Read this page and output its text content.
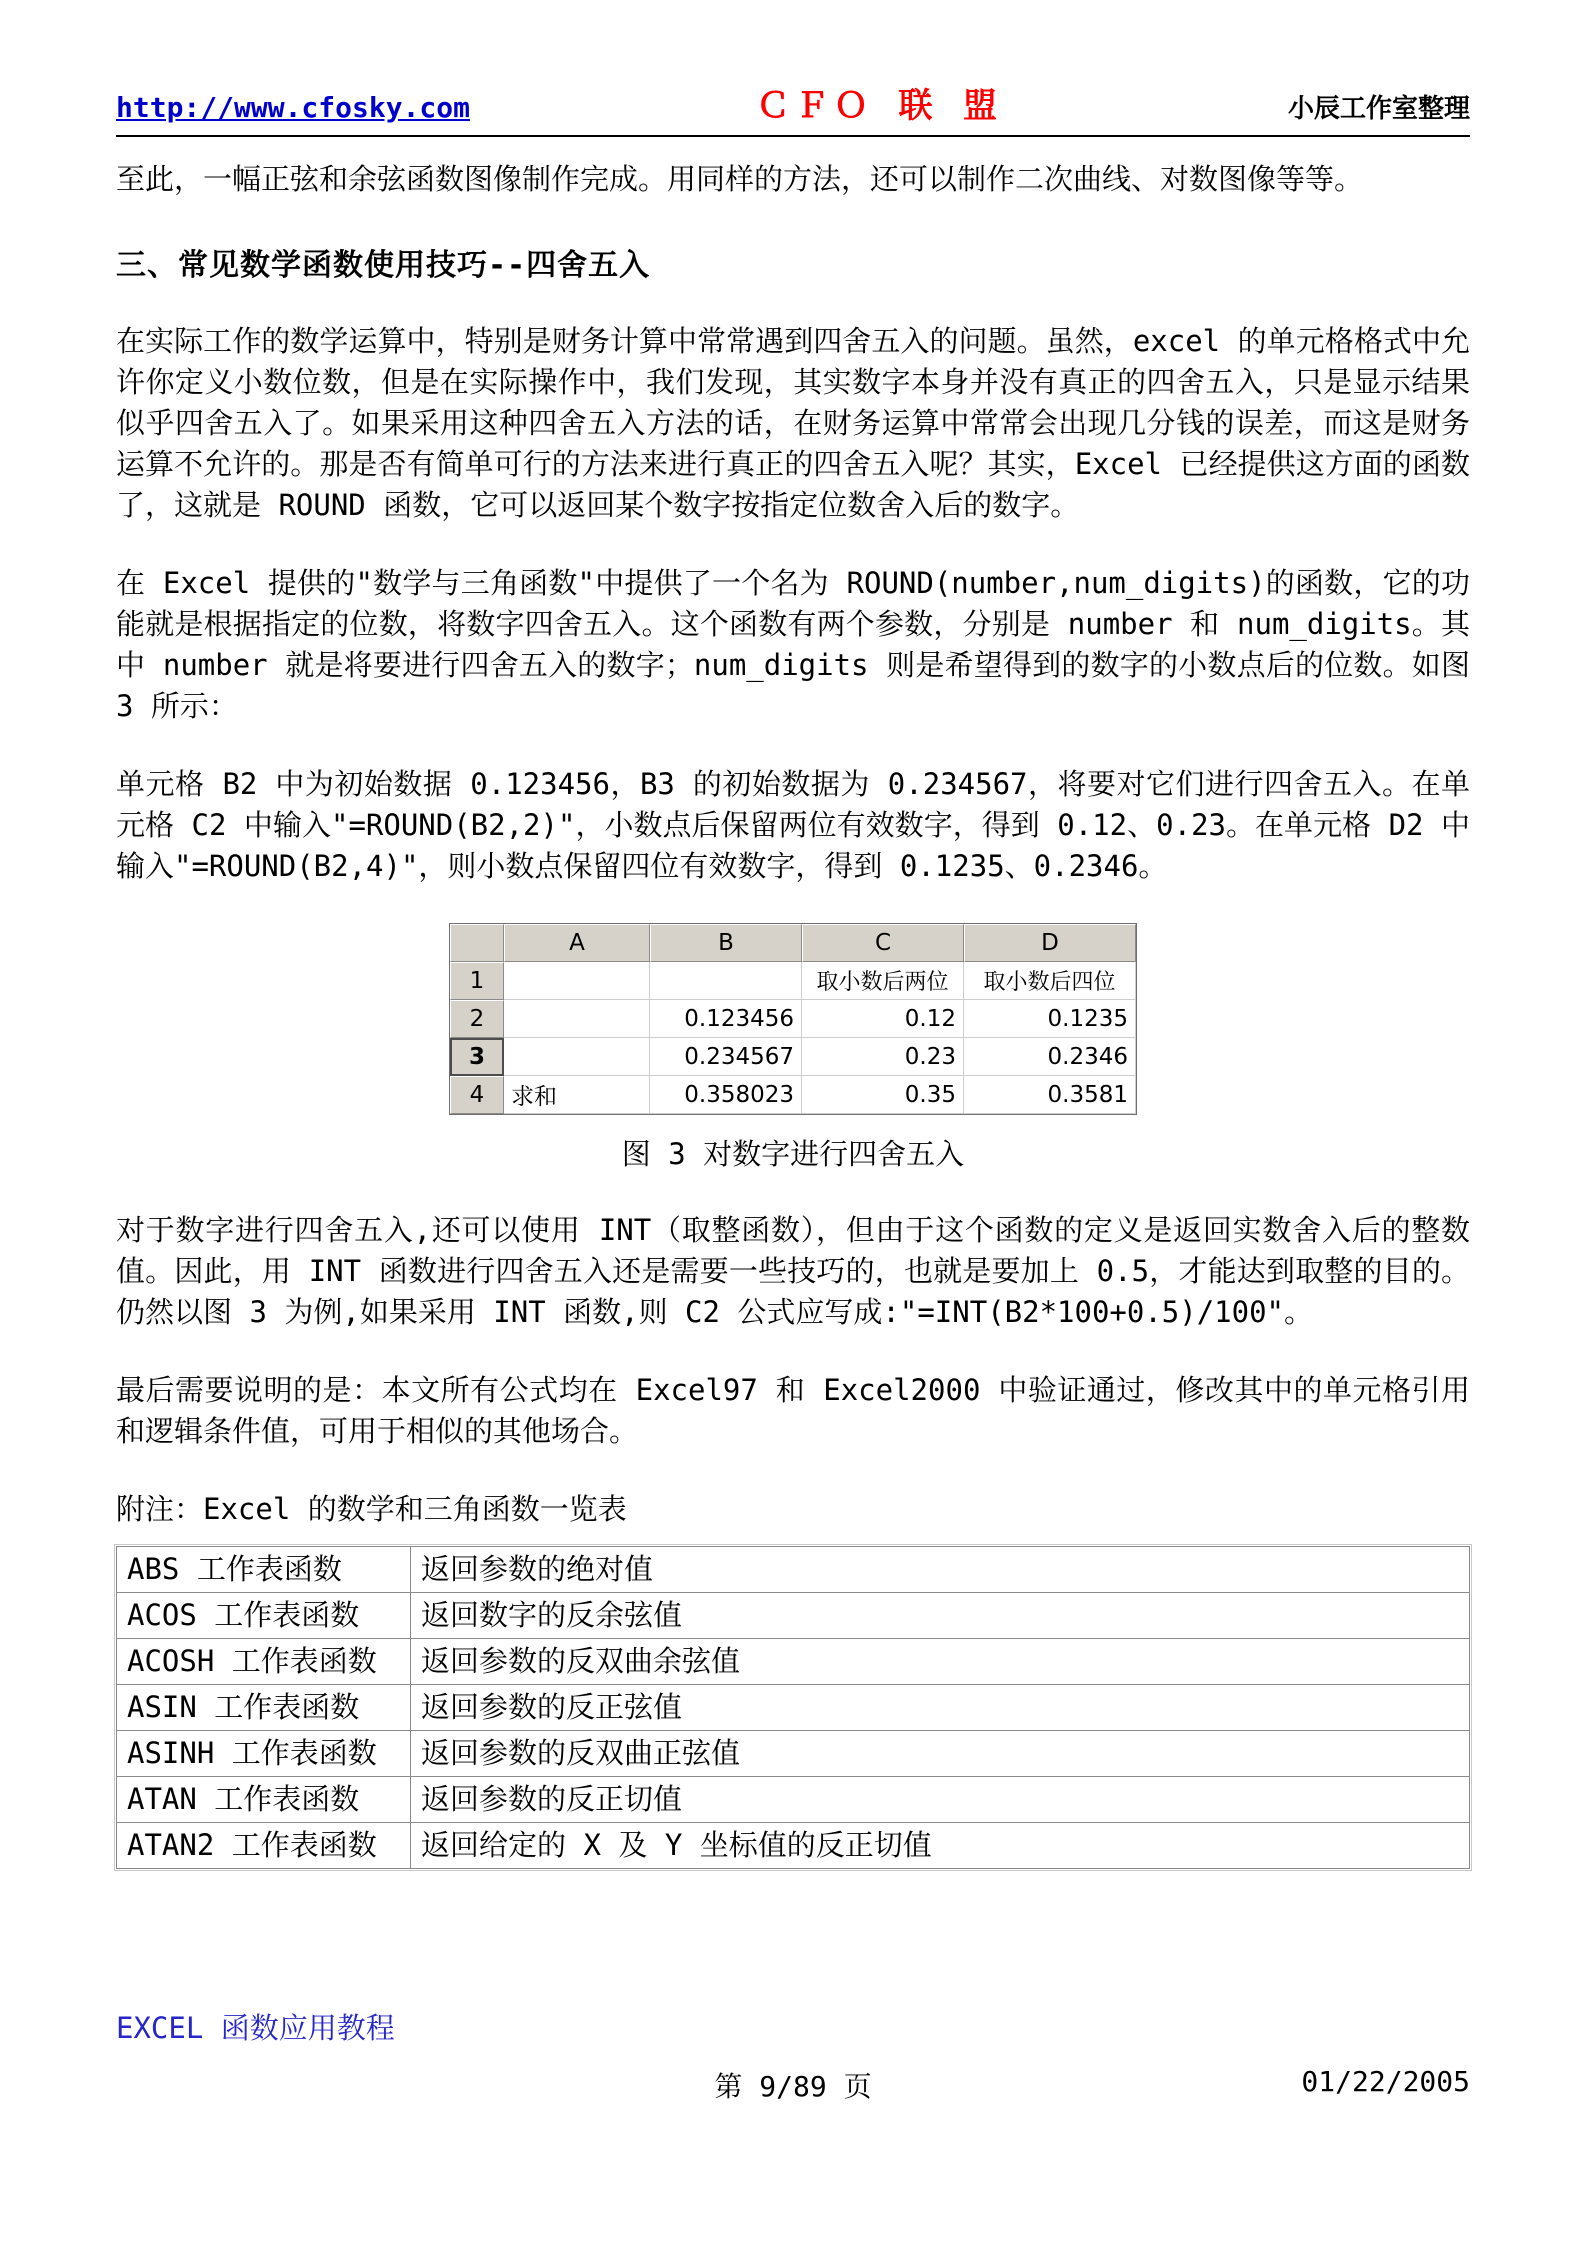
http://www.cfosky.com	ＣＦＯ 联 盟	小辰工作室整理

至此，一幅正弦和余弦函数图像制作完成。用同样的方法，还可以制作二次曲线、对数图像等等。

三、常见数学函数使用技巧--四舍五入

在实际工作的数学运算中，特别是财务计算中常常遇到四舍五入的问题。虽然，excel 的单元格格式中允许你定义小数位数，但是在实际操作中，我们发现，其实数字本身并没有真正的四舍五入，只是显示结果似乎四舍五入了。如果采用这种四舍五入方法的话，在财务运算中常常会出现几分钱的误差，而这是财务运算不允许的。那是否有简单可行的方法来进行真正的四舍五入呢？其实，Excel 已经提供这方面的函数了，这就是 ROUND 函数，它可以返回某个数字按指定位数舍入后的数字。

在 Excel 提供的"数学与三角函数"中提供了一个名为 ROUND(number,num_digits)的函数，它的功能就是根据指定的位数，将数字四舍五入。这个函数有两个参数，分别是 number 和 num_digits。其中 number 就是将要进行四舍五入的数字；num_digits 则是希望得到的数字的小数点后的位数。如图 3 所示：

单元格 B2 中为初始数据 0.123456，B3 的初始数据为 0.234567，将要对它们进行四舍五入。在单元格 C2 中输入"=ROUND(B2,2)"，小数点后保留两位有效数字，得到 0.12、0.23。在单元格 D2 中输入"=ROUND(B2,4)"，则小数点保留四位有效数字，得到 0.1235、0.2346。

	A	B	C	D
1			取小数后两位	取小数后四位
2		0.123456	0.12	0.1235
3		0.234567	0.23	0.2346
4	求和	0.358023	0.35	0.3581
图 3 对数字进行四舍五入

对于数字进行四舍五入,还可以使用 INT（取整函数），但由于这个函数的定义是返回实数舍入后的整数值。因此，用 INT 函数进行四舍五入还是需要一些技巧的，也就是要加上 0.5，才能达到取整的目的。仍然以图 3 为例,如果采用 INT 函数,则 C2 公式应写成:"=INT(B2*100+0.5)/100"。

最后需要说明的是：本文所有公式均在 Excel97 和 Excel2000 中验证通过，修改其中的单元格引用和逻辑条件值，可用于相似的其他场合。

附注：Excel 的数学和三角函数一览表

ABS 工作表函数	返回参数的绝对值
ACOS 工作表函数	返回数字的反余弦值
ACOSH 工作表函数	返回参数的反双曲余弦值
ASIN 工作表函数	返回参数的反正弦值
ASINH 工作表函数	返回参数的反双曲正弦值
ATAN 工作表函数	返回参数的反正切值
ATAN2 工作表函数	返回给定的 X 及 Y 坐标值的反正切值
EXCEL 函数应用教程
第 9/89 页	01/22/2005
